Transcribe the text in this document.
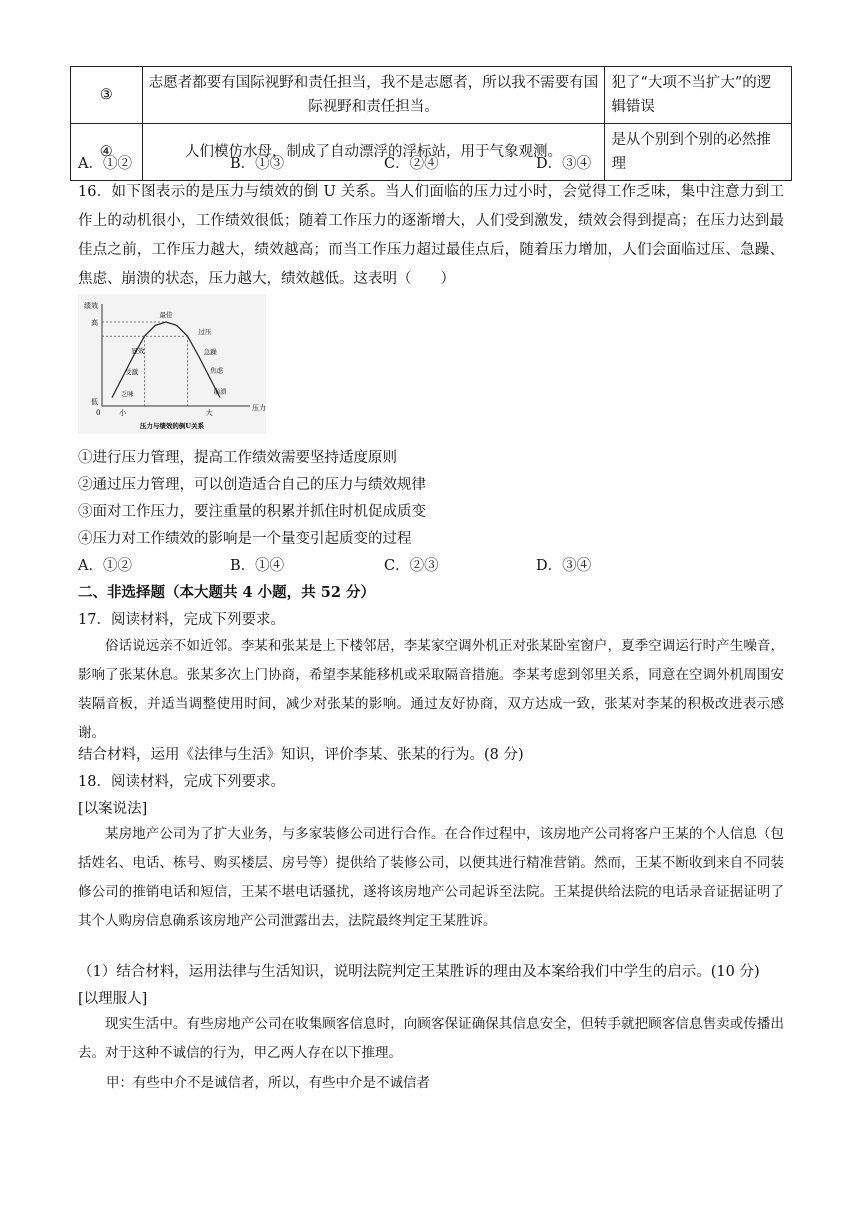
③	志愿者都要有国际视野和责任担当，我不是志愿者，所以我不需要有国际视野和责任担当。	犯了“大项不当扩大”的逻辑错误
④	人们模仿水母，制成了自动漂浮的浮标站，用于气象观测。	是从个别到个别的必然推理
A．①②	B．①③	C．②④	D．③④
16．如下图表示的是压力与绩效的倒 U 关系。当人们面临的压力过小时，会觉得工作乏味，集中注意力到工作上的动机很小，工作绩效很低；随着工作压力的逐渐增大，人们受到激发，绩效会得到提高；在压力达到最佳点之前，工作压力越大，绩效越高；而当工作压力超过最佳点后，随着压力增加，人们会面临过压、急躁、焦虑、崩溃的状态，压力越大，绩效越低。这表明（　　）
绩效
压力
0
高
低
小	大
最佳
显效
受激
乏味
过压
急躁
焦虑
崩溃
压力与绩效的倒U关系
①进行压力管理，提高工作绩效需要坚持适度原则
②通过压力管理，可以创造适合自己的压力与绩效规律
③面对工作压力，要注重量的积累并抓住时机促成质变
④压力对工作绩效的影响是一个量变引起质变的过程
A．①②	B．①④	C．②③	D．③④
二、非选择题（本大题共 4 小题，共 52 分）
17．阅读材料，完成下列要求。
俗话说远亲不如近邻。李某和张某是上下楼邻居，李某家空调外机正对张某卧室窗户，夏季空调运行时产生噪音，影响了张某休息。张某多次上门协商，希望李某能移机或采取隔音措施。李某考虑到邻里关系，同意在空调外机周围安装隔音板，并适当调整使用时间，减少对张某的影响。通过友好协商，双方达成一致，张某对李某的积极改进表示感谢。
结合材料，运用《法律与生活》知识，评价李某、张某的行为。(8 分)
18．阅读材料，完成下列要求。
[以案说法]
某房地产公司为了扩大业务，与多家装修公司进行合作。在合作过程中，该房地产公司将客户王某的个人信息（包括姓名、电话、栋号、购买楼层、房号等）提供给了装修公司，以便其进行精准营销。然而，王某不断收到来自不同装修公司的推销电话和短信，王某不堪电话骚扰，遂将该房地产公司起诉至法院。王某提供给法院的电话录音证据证明了其个人购房信息确系该房地产公司泄露出去，法院最终判定王某胜诉。
（1）结合材料，运用法律与生活知识，说明法院判定王某胜诉的理由及本案给我们中学生的启示。(10 分)
[以理服人]
现实生活中。有些房地产公司在收集顾客信息时，向顾客保证确保其信息安全，但转手就把顾客信息售卖或传播出去。对于这种不诚信的行为，甲乙两人存在以下推理。
甲：有些中介不是诚信者，所以，有些中介是不诚信者
